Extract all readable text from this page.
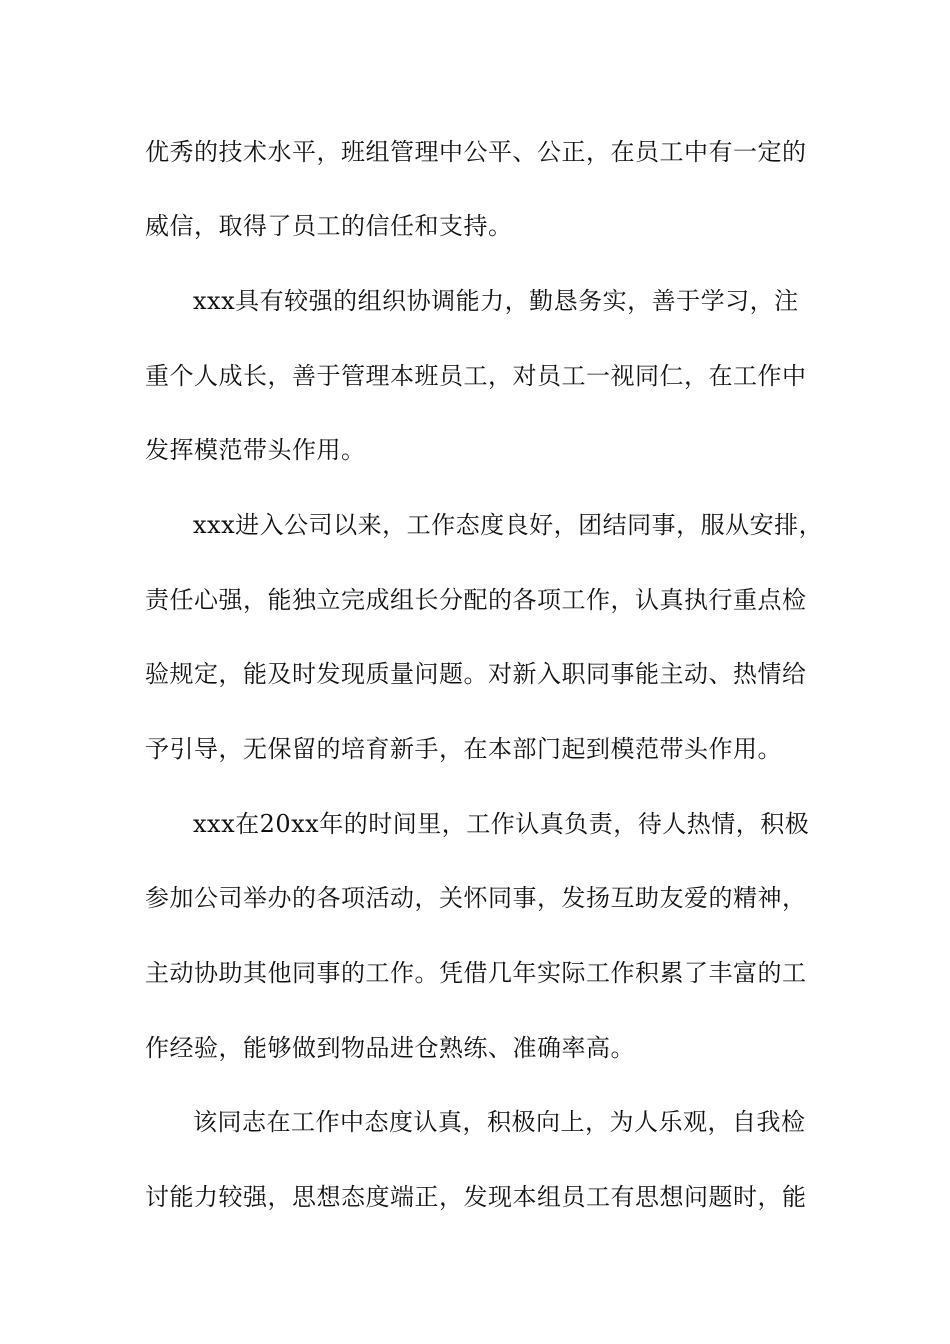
优秀的技术水平，班组管理中公平、公正，在员工中有一定的
威信，取得了员工的信任和支持。
xxx具有较强的组织协调能力，勤恳务实，善于学习，注
重个人成长，善于管理本班员工，对员工一视同仁，在工作中
发挥模范带头作用。
xxx进入公司以来，工作态度良好，团结同事，服从安排，
责任心强，能独立完成组长分配的各项工作，认真执行重点检
验规定，能及时发现质量问题。对新入职同事能主动、热情给
予引导，无保留的培育新手，在本部门起到模范带头作用。
xxx在20xx年的时间里，工作认真负责，待人热情，积极
参加公司举办的各项活动，关怀同事，发扬互助友爱的精神，
主动协助其他同事的工作。凭借几年实际工作积累了丰富的工
作经验，能够做到物品进仓熟练、准确率高。
该同志在工作中态度认真，积极向上，为人乐观，自我检
讨能力较强，思想态度端正，发现本组员工有思想问题时，能
